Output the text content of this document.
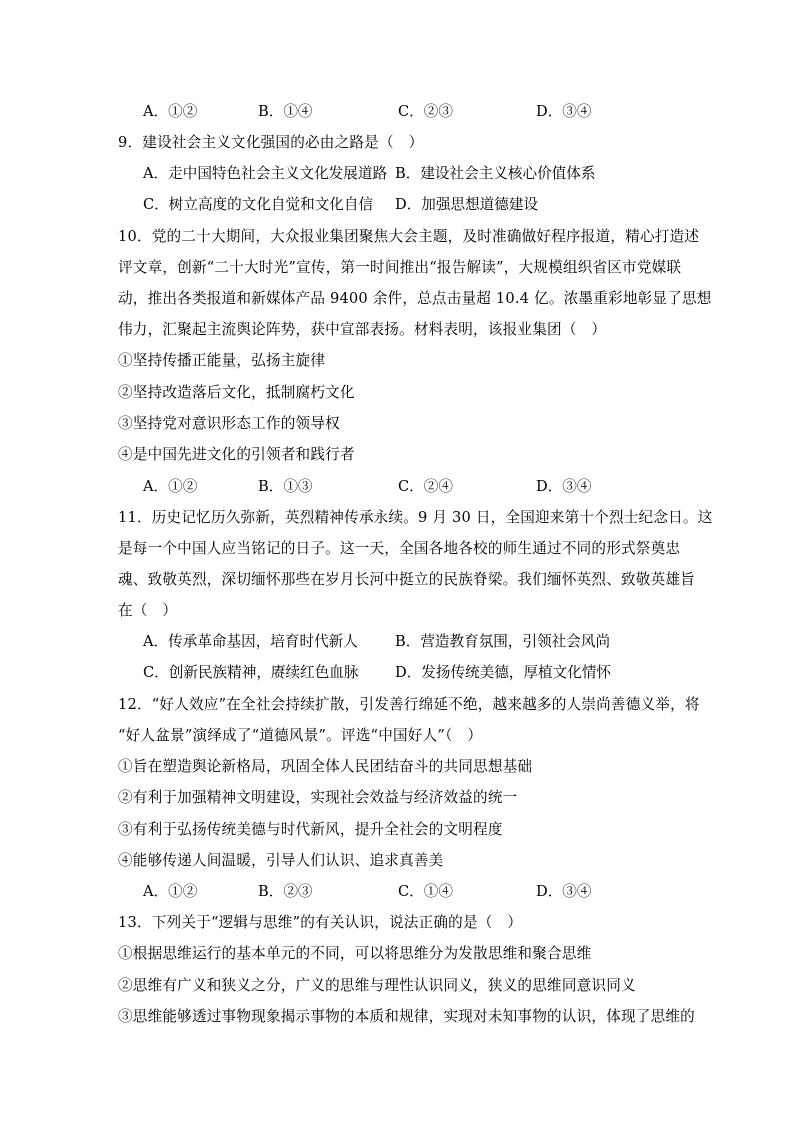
A．①②	B．①④	C．②③	D．③④
9．建设社会主义文化强国的必由之路是（　）
A．走中国特色社会主义文化发展道路 B．建设社会主义核心价值体系
C．树立高度的文化自觉和文化自信 D．加强思想道德建设
10．党的二十大期间，大众报业集团聚焦大会主题，及时准确做好程序报道，精心打造述
评文章，创新“二十大时光”宣传，第一时间推出“报告解读”，大规模组织省区市党媒联
动，推出各类报道和新媒体产品 9400 余件，总点击量超 10.4 亿。浓墨重彩地彰显了思想
伟力，汇聚起主流舆论阵势，获中宣部表扬。材料表明，该报业集团（　）
①坚持传播正能量，弘扬主旋律
②坚持改造落后文化，抵制腐朽文化
③坚持党对意识形态工作的领导权
④是中国先进文化的引领者和践行者
A．①②	B．①③	C．②④	D．③④
11．历史记忆历久弥新，英烈精神传承永续。9 月 30 日，全国迎来第十个烈士纪念日。这
是每一个中国人应当铭记的日子。这一天，全国各地各校的师生通过不同的形式祭奠忠
魂、致敬英烈，深切缅怀那些在岁月长河中挺立的民族脊梁。我们缅怀英烈、致敬英雄旨
在（　）
A．传承革命基因，培育时代新人	B．营造教育氛围，引领社会风尚
C．创新民族精神，赓续红色血脉	D．发扬传统美德，厚植文化情怀
12．“好人效应”在全社会持续扩散，引发善行绵延不绝，越来越多的人崇尚善德义举，将
“好人盆景”演绎成了“道德风景”。评选“中国好人”（　）
①旨在塑造舆论新格局，巩固全体人民团结奋斗的共同思想基础
②有利于加强精神文明建设，实现社会效益与经济效益的统一
③有利于弘扬传统美德与时代新风，提升全社会的文明程度
④能够传递人间温暖，引导人们认识、追求真善美
A．①②	B．②③	C．①④	D．③④
13．下列关于“逻辑与思维”的有关认识，说法正确的是（　）
①根据思维运行的基本单元的不同，可以将思维分为发散思维和聚合思维
②思维有广义和狭义之分，广义的思维与理性认识同义，狭义的思维同意识同义
③思维能够透过事物现象揭示事物的本质和规律，实现对未知事物的认识，体现了思维的
